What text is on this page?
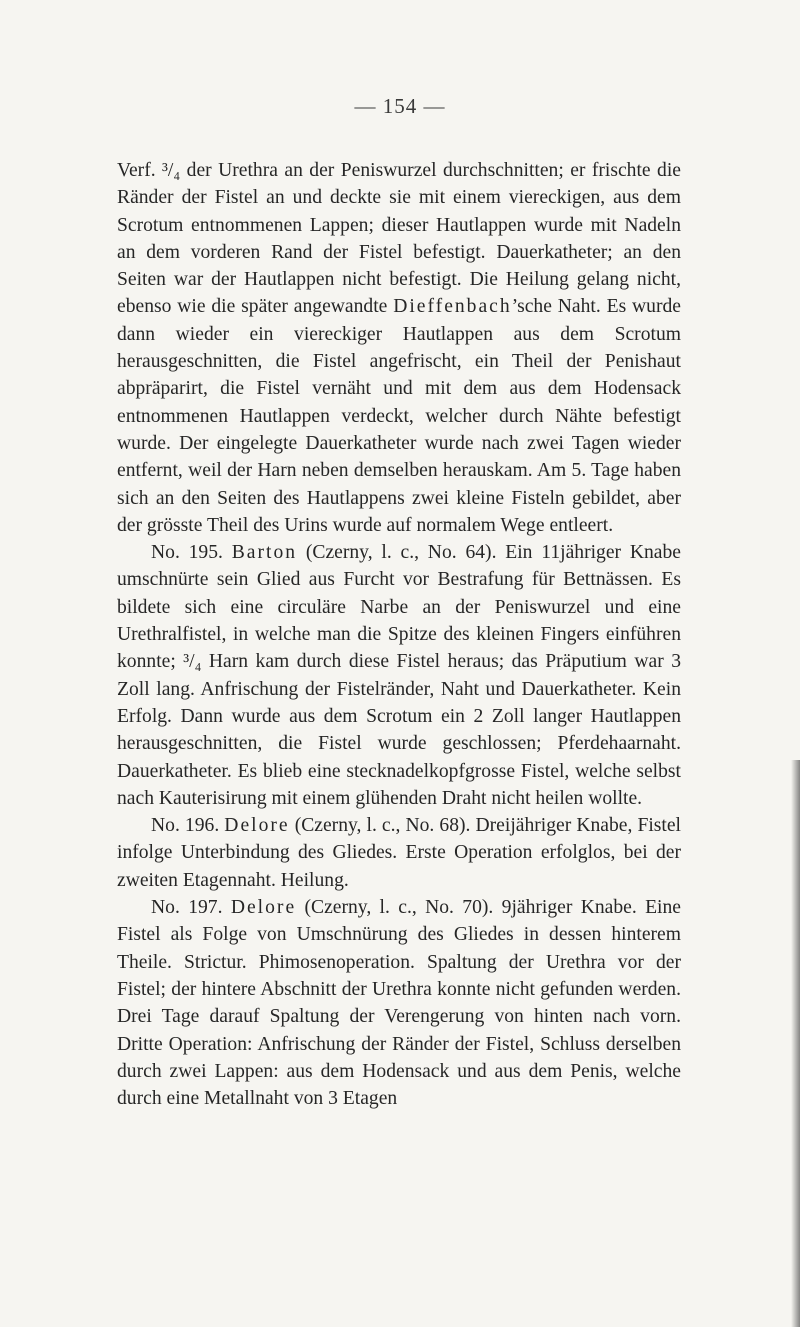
— 154 —

Verf. ³/₄ der Urethra an der Peniswurzel durchschnitten; er frischte die Ränder der Fistel an und deckte sie mit einem viereckigen, aus dem Scrotum entnommenen Lappen; dieser Hautlappen wurde mit Nadeln an dem vorderen Rand der Fistel befestigt. Dauerkatheter; an den Seiten war der Hautlappen nicht befestigt. Die Heilung gelang nicht, ebenso wie die später angewandte Dieffenbach’sche Naht. Es wurde dann wieder ein viereckiger Hautlappen aus dem Scrotum herausgeschnitten, die Fistel angefrischt, ein Theil der Penishaut abpräparirt, die Fistel vernäht und mit dem aus dem Hodensack entnommenen Hautlappen verdeckt, welcher durch Nähte befestigt wurde. Der eingelegte Dauerkatheter wurde nach zwei Tagen wieder entfernt, weil der Harn neben demselben herauskam. Am 5. Tage haben sich an den Seiten des Hautlappens zwei kleine Fisteln gebildet, aber der grösste Theil des Urins wurde auf normalem Wege entleert.

No. 195. Barton (Czerny, l. c., No. 64). Ein 11jähriger Knabe umschnürte sein Glied aus Furcht vor Bestrafung für Bettnässen. Es bildete sich eine circuläre Narbe an der Peniswurzel und eine Urethralfistel, in welche man die Spitze des kleinen Fingers einführen konnte; ³/₄ Harn kam durch diese Fistel heraus; das Präputium war 3 Zoll lang. Anfrischung der Fistelränder, Naht und Dauerkatheter. Kein Erfolg. Dann wurde aus dem Scrotum ein 2 Zoll langer Hautlappen herausgeschnitten, die Fistel wurde geschlossen; Pferdehaarnaht. Dauerkatheter. Es blieb eine stecknadelkopfgrosse Fistel, welche selbst nach Kauterisirung mit einem glühenden Draht nicht heilen wollte.

No. 196. Delore (Czerny, l. c., No. 68). Dreijähriger Knabe, Fistel infolge Unterbindung des Gliedes. Erste Operation erfolglos, bei der zweiten Etagennaht. Heilung.

No. 197. Delore (Czerny, l. c., No. 70). 9jähriger Knabe. Eine Fistel als Folge von Umschnürung des Gliedes in dessen hinterem Theile. Strictur. Phimosenoperation. Spaltung der Urethra vor der Fistel; der hintere Abschnitt der Urethra konnte nicht gefunden werden. Drei Tage darauf Spaltung der Verengerung von hinten nach vorn. Dritte Operation: Anfrischung der Ränder der Fistel, Schluss derselben durch zwei Lappen: aus dem Hodensack und aus dem Penis, welche durch eine Metallnaht von 3 Etagen
